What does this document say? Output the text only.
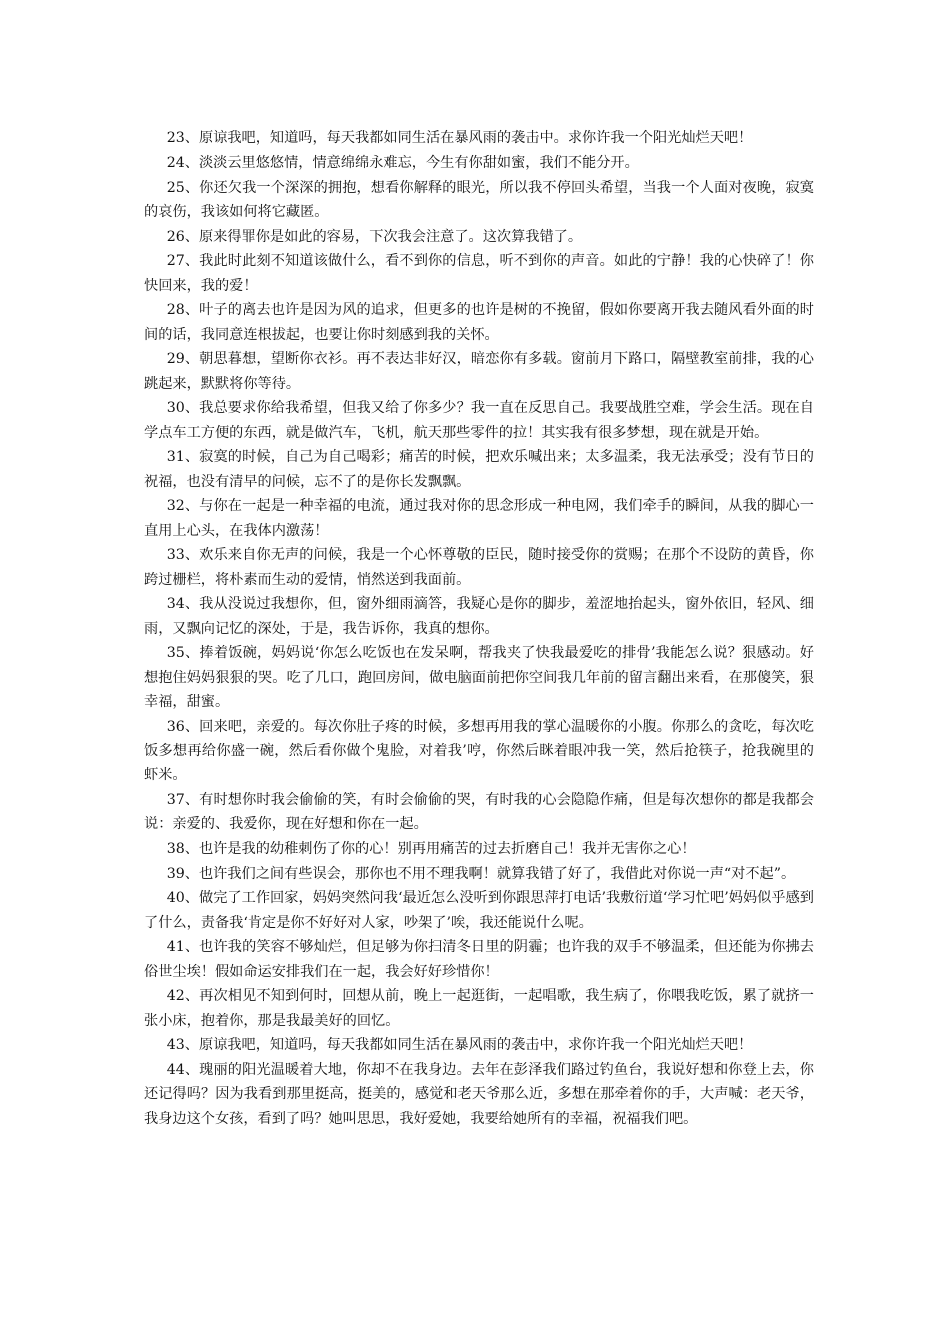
23、原谅我吧，知道吗，每天我都如同生活在暴风雨的袭击中。求你许我一个阳光灿烂天吧！

24、淡淡云里悠悠情，情意绵绵永难忘，今生有你甜如蜜，我们不能分开。

25、你还欠我一个深深的拥抱，想看你解释的眼光，所以我不停回头希望，当我一个人面对夜晚，寂寞的哀伤，我该如何将它藏匿。

26、原来得罪你是如此的容易，下次我会注意了。这次算我错了。

27、我此时此刻不知道该做什么，看不到你的信息，听不到你的声音。如此的宁静！我的心快碎了！你快回来，我的爱！

28、叶子的离去也许是因为风的追求，但更多的也许是树的不挽留，假如你要离开我去随风看外面的时间的话，我同意连根拔起，也要让你时刻感到我的关怀。

29、朝思暮想，望断你衣衫。再不表达非好汉，暗恋你有多载。窗前月下路口，隔壁教室前排，我的心跳起来，默默将你等待。

30、我总要求你给我希望，但我又给了你多少？我一直在反思自己。我要战胜空难，学会生活。现在自学点车工方便的东西，就是做汽车，飞机，航天那些零件的拉！其实我有很多梦想，现在就是开始。

31、寂寞的时候，自己为自己喝彩；痛苦的时候，把欢乐喊出来；太多温柔，我无法承受；没有节日的祝福，也没有清早的问候，忘不了的是你长发飘飘。

32、与你在一起是一种幸福的电流，通过我对你的思念形成一种电网，我们牵手的瞬间，从我的脚心一直用上心头，在我体内激荡！

33、欢乐来自你无声的问候，我是一个心怀尊敬的臣民，随时接受你的赏赐；在那个不设防的黄昏，你跨过栅栏，将朴素而生动的爱情，悄然送到我面前。

34、我从没说过我想你，但，窗外细雨滴答，我疑心是你的脚步，羞涩地抬起头，窗外依旧，轻风、细雨，又飘向记忆的深处，于是，我告诉你，我真的想你。

35、捧着饭碗，妈妈说‘你怎么吃饭也在发呆啊，帮我夹了快我最爱吃的排骨’我能怎么说？狠感动。好想抱住妈妈狠狠的哭。吃了几口，跑回房间，做电脑面前把你空间我几年前的留言翻出来看，在那傻笑，狠幸福，甜蜜。

36、回来吧，亲爱的。每次你肚子疼的时候，多想再用我的掌心温暖你的小腹。你那么的贪吃，每次吃饭多想再给你盛一碗，然后看你做个鬼脸，对着我’哼，你然后眯着眼冲我一笑，然后抢筷子，抢我碗里的虾米。

37、有时想你时我会偷偷的笑，有时会偷偷的哭，有时我的心会隐隐作痛，但是每次想你的都是我都会说：亲爱的、我爱你，现在好想和你在一起。

38、也许是我的幼稚刺伤了你的心！别再用痛苦的过去折磨自己！我并无害你之心！

39、也许我们之间有些误会，那你也不用不理我啊！就算我错了好了，我借此对你说一声“对不起”。

40、做完了工作回家，妈妈突然问我‘最近怎么没听到你跟思萍打电话’我敷衍道‘学习忙吧’妈妈似乎感到了什么，责备我‘肯定是你不好好对人家，吵架了’唉，我还能说什么呢。

41、也许我的笑容不够灿烂，但足够为你扫清冬日里的阴霾；也许我的双手不够温柔，但还能为你拂去俗世尘埃！假如命运安排我们在一起，我会好好珍惜你！

42、再次相见不知到何时，回想从前，晚上一起逛街，一起唱歌，我生病了，你喂我吃饭，累了就挤一张小床，抱着你，那是我最美好的回忆。

43、原谅我吧，知道吗，每天我都如同生活在暴风雨的袭击中，求你许我一个阳光灿烂天吧！

44、瑰丽的阳光温暖着大地，你却不在我身边。去年在彭泽我们路过钓鱼台，我说好想和你登上去，你还记得吗？因为我看到那里挺高，挺美的，感觉和老天爷那么近，多想在那牵着你的手，大声喊：老天爷，我身边这个女孩，看到了吗？她叫思思，我好爱她，我要给她所有的幸福，祝福我们吧。
